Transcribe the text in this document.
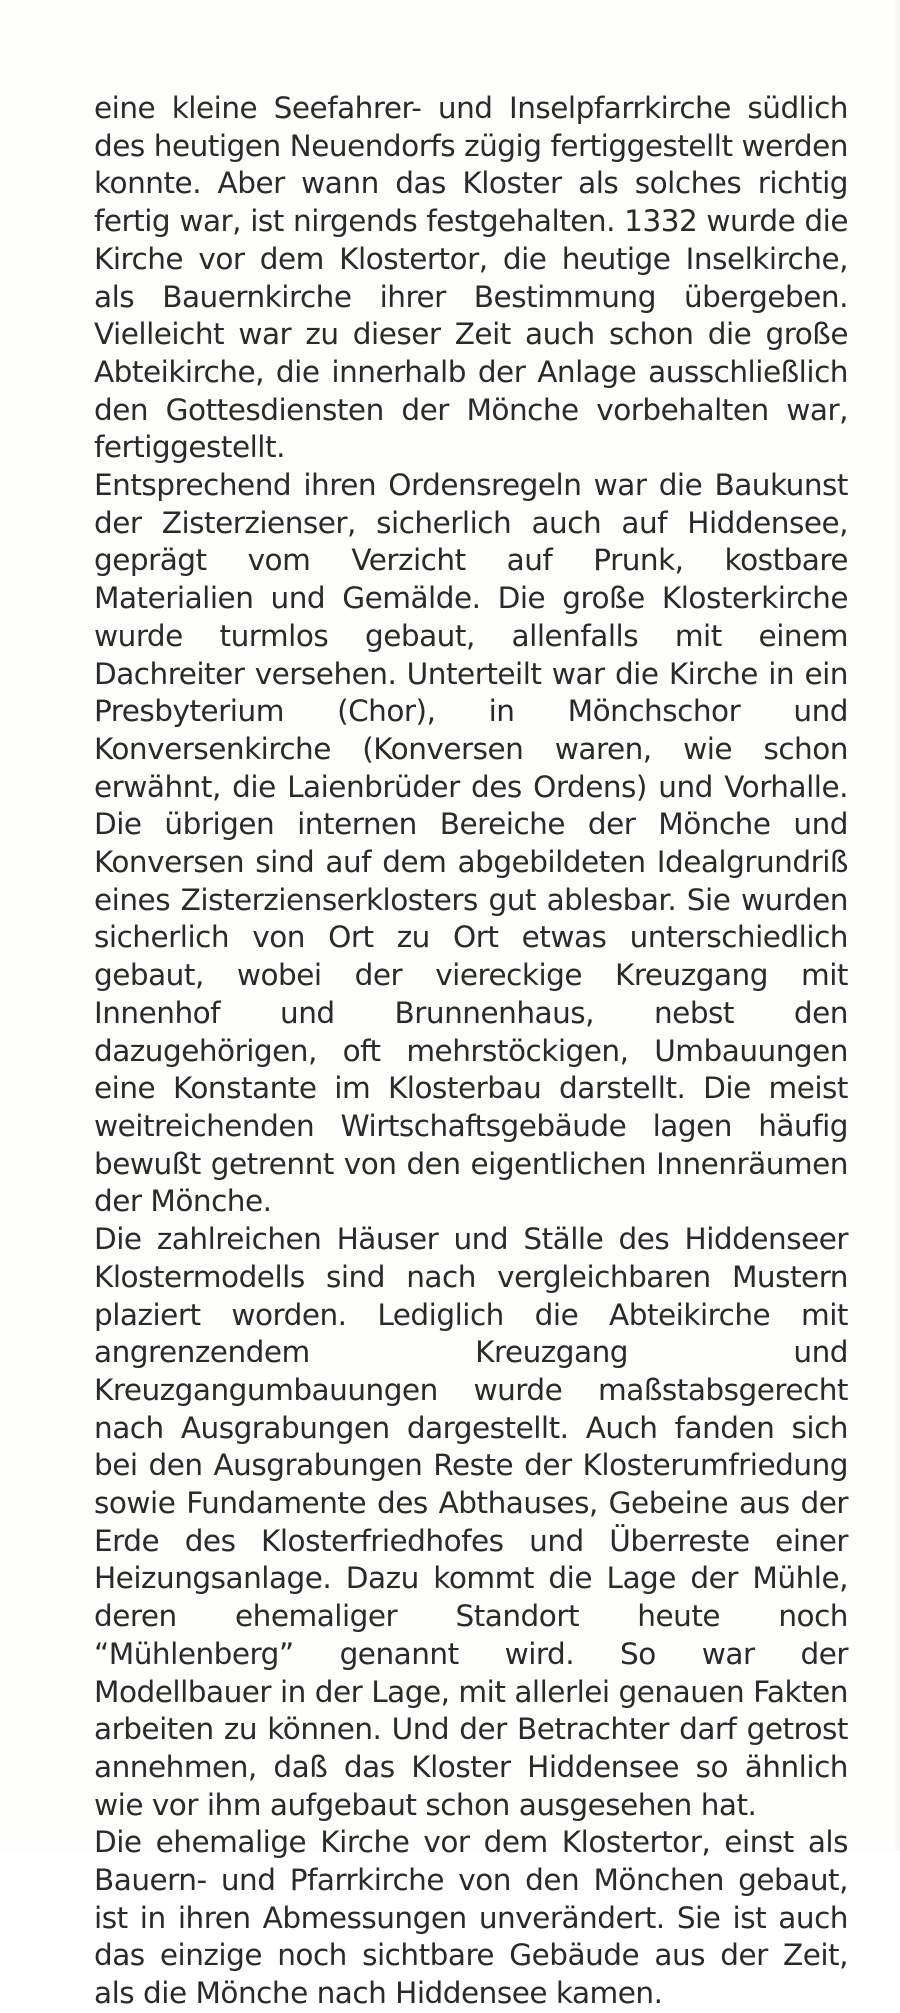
eine kleine Seefahrer- und Inselpfarrkirche südlich des heutigen Neuendorfs zügig fertiggestellt werden konnte. Aber wann das Kloster als solches richtig fertig war, ist nirgends festgehalten. 1332 wurde die Kirche vor dem Klostertor, die heutige Inselkirche, als Bauernkirche ihrer Bestimmung übergeben. Vielleicht war zu dieser Zeit auch schon die große Abteikirche, die innerhalb der Anlage ausschließlich den Gottesdiensten der Mönche vorbehalten war, fertiggestellt.

Entsprechend ihren Ordensregeln war die Baukunst der Zisterzienser, sicherlich auch auf Hiddensee, geprägt vom Verzicht auf Prunk, kostbare Materialien und Gemälde. Die große Klosterkirche wurde turmlos gebaut, allenfalls mit einem Dachreiter versehen. Unterteilt war die Kirche in ein Presbyterium (Chor), in Mönchschor und Konversenkirche (Konversen waren, wie schon erwähnt, die Laienbrüder des Ordens) und Vorhalle. Die übrigen internen Bereiche der Mönche und Konversen sind auf dem abgebildeten Idealgrundriß eines Zisterzienserklosters gut ablesbar. Sie wurden sicherlich von Ort zu Ort etwas unterschiedlich gebaut, wobei der viereckige Kreuzgang mit Innenhof und Brunnenhaus, nebst den dazugehörigen, oft mehrstöckigen, Umbauungen eine Konstante im Klosterbau darstellt. Die meist weitreichenden Wirtschaftsgebäude lagen häufig bewußt getrennt von den eigentlichen Innenräumen der Mönche.

Die zahlreichen Häuser und Ställe des Hiddenseer Klostermodells sind nach vergleichbaren Mustern plaziert worden. Lediglich die Abteikirche mit angrenzendem Kreuzgang und Kreuzgangumbauungen wurde maßstabsgerecht nach Ausgrabungen dargestellt. Auch fanden sich bei den Ausgrabungen Reste der Klosterumfriedung sowie Fundamente des Abthauses, Gebeine aus der Erde des Klosterfriedhofes und Überreste einer Heizungsanlage. Dazu kommt die Lage der Mühle, deren ehemaliger Standort heute noch “Mühlenberg” genannt wird. So war der Modellbauer in der Lage, mit allerlei genauen Fakten arbeiten zu können. Und der Betrachter darf getrost annehmen, daß das Kloster Hiddensee so ähnlich wie vor ihm aufgebaut schon ausgesehen hat.

Die ehemalige Kirche vor dem Klostertor, einst als Bauern- und Pfarrkirche von den Mönchen gebaut, ist in ihren Abmessungen unverändert. Sie ist auch das einzige noch sichtbare Gebäude aus der Zeit, als die Mönche nach Hiddensee kamen.
